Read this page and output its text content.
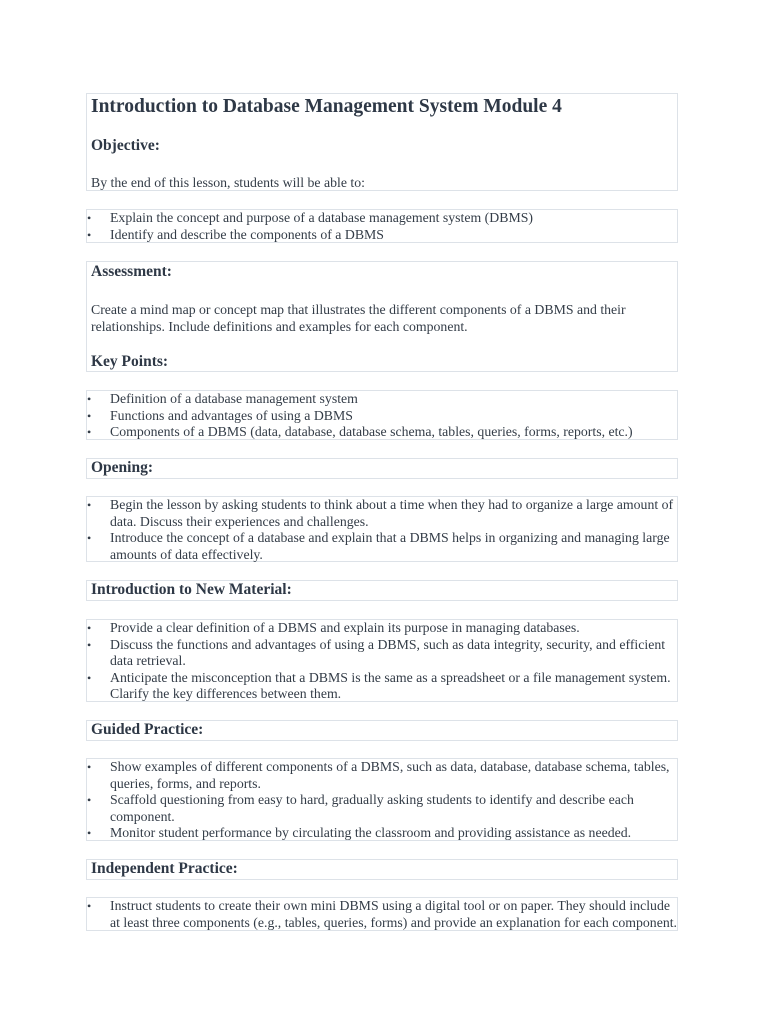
Introduction to Database Management System Module 4
Objective:
By the end of this lesson, students will be able to:
• Explain the concept and purpose of a database management system (DBMS)
• Identify and describe the components of a DBMS
Assessment:
Create a mind map or concept map that illustrates the different components of a DBMS and their relationships. Include definitions and examples for each component.
Key Points:
• Definition of a database management system
• Functions and advantages of using a DBMS
• Components of a DBMS (data, database, database schema, tables, queries, forms, reports, etc.)
Opening:
• Begin the lesson by asking students to think about a time when they had to organize a large amount of data. Discuss their experiences and challenges.
• Introduce the concept of a database and explain that a DBMS helps in organizing and managing large amounts of data effectively.
Introduction to New Material:
• Provide a clear definition of a DBMS and explain its purpose in managing databases.
• Discuss the functions and advantages of using a DBMS, such as data integrity, security, and efficient data retrieval.
• Anticipate the misconception that a DBMS is the same as a spreadsheet or a file management system. Clarify the key differences between them.
Guided Practice:
• Show examples of different components of a DBMS, such as data, database, database schema, tables, queries, forms, and reports.
• Scaffold questioning from easy to hard, gradually asking students to identify and describe each component.
• Monitor student performance by circulating the classroom and providing assistance as needed.
Independent Practice:
• Instruct students to create their own mini DBMS using a digital tool or on paper. They should include at least three components (e.g., tables, queries, forms) and provide an explanation for each component.
